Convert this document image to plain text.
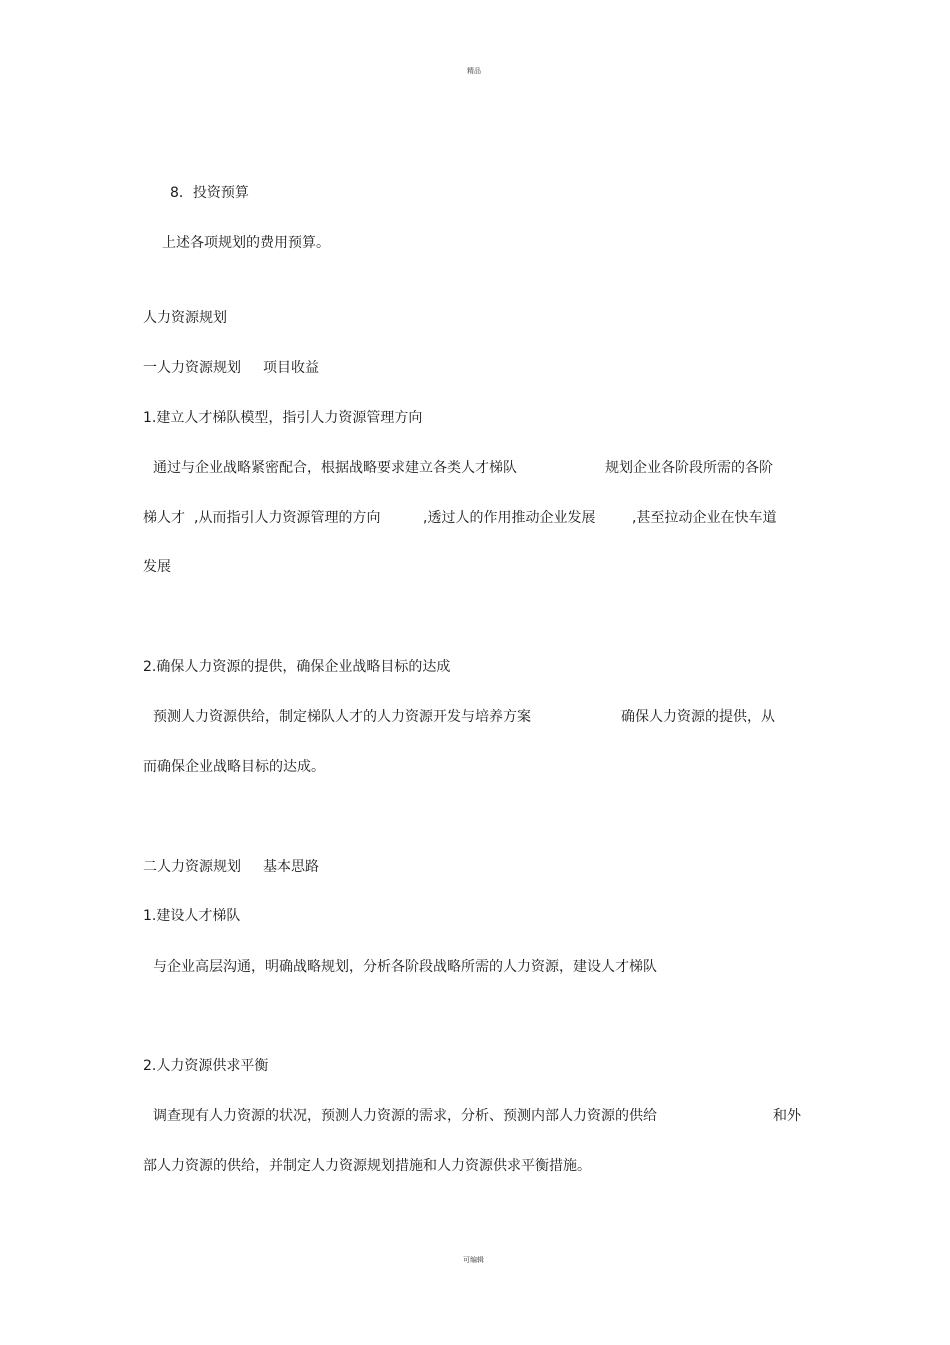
精品
8．投资预算
上述各项规划的费用预算。
人力资源规划
一人力资源规划 项目收益
1.建立人才梯队模型，指引人力资源管理方向
通过与企业战略紧密配合，根据战略要求建立各类人才梯队	规划企业各阶段所需的各阶
梯人才 ,从而指引人力资源管理的方向	,透过人的作用推动企业发展	,甚至拉动企业在快车道
发展
2.确保人力资源的提供，确保企业战略目标的达成
预测人力资源供给，制定梯队人才的人力资源开发与培养方案	确保人力资源的提供，从
而确保企业战略目标的达成。
二人力资源规划 基本思路
1.建设人才梯队
与企业高层沟通，明确战略规划，分析各阶段战略所需的人力资源，建设人才梯队
2.人力资源供求平衡
调查现有人力资源的状况，预测人力资源的需求，分析、预测内部人力资源的供给	和外
部人力资源的供给，并制定人力资源规划措施和人力资源供求平衡措施。
可编辑
